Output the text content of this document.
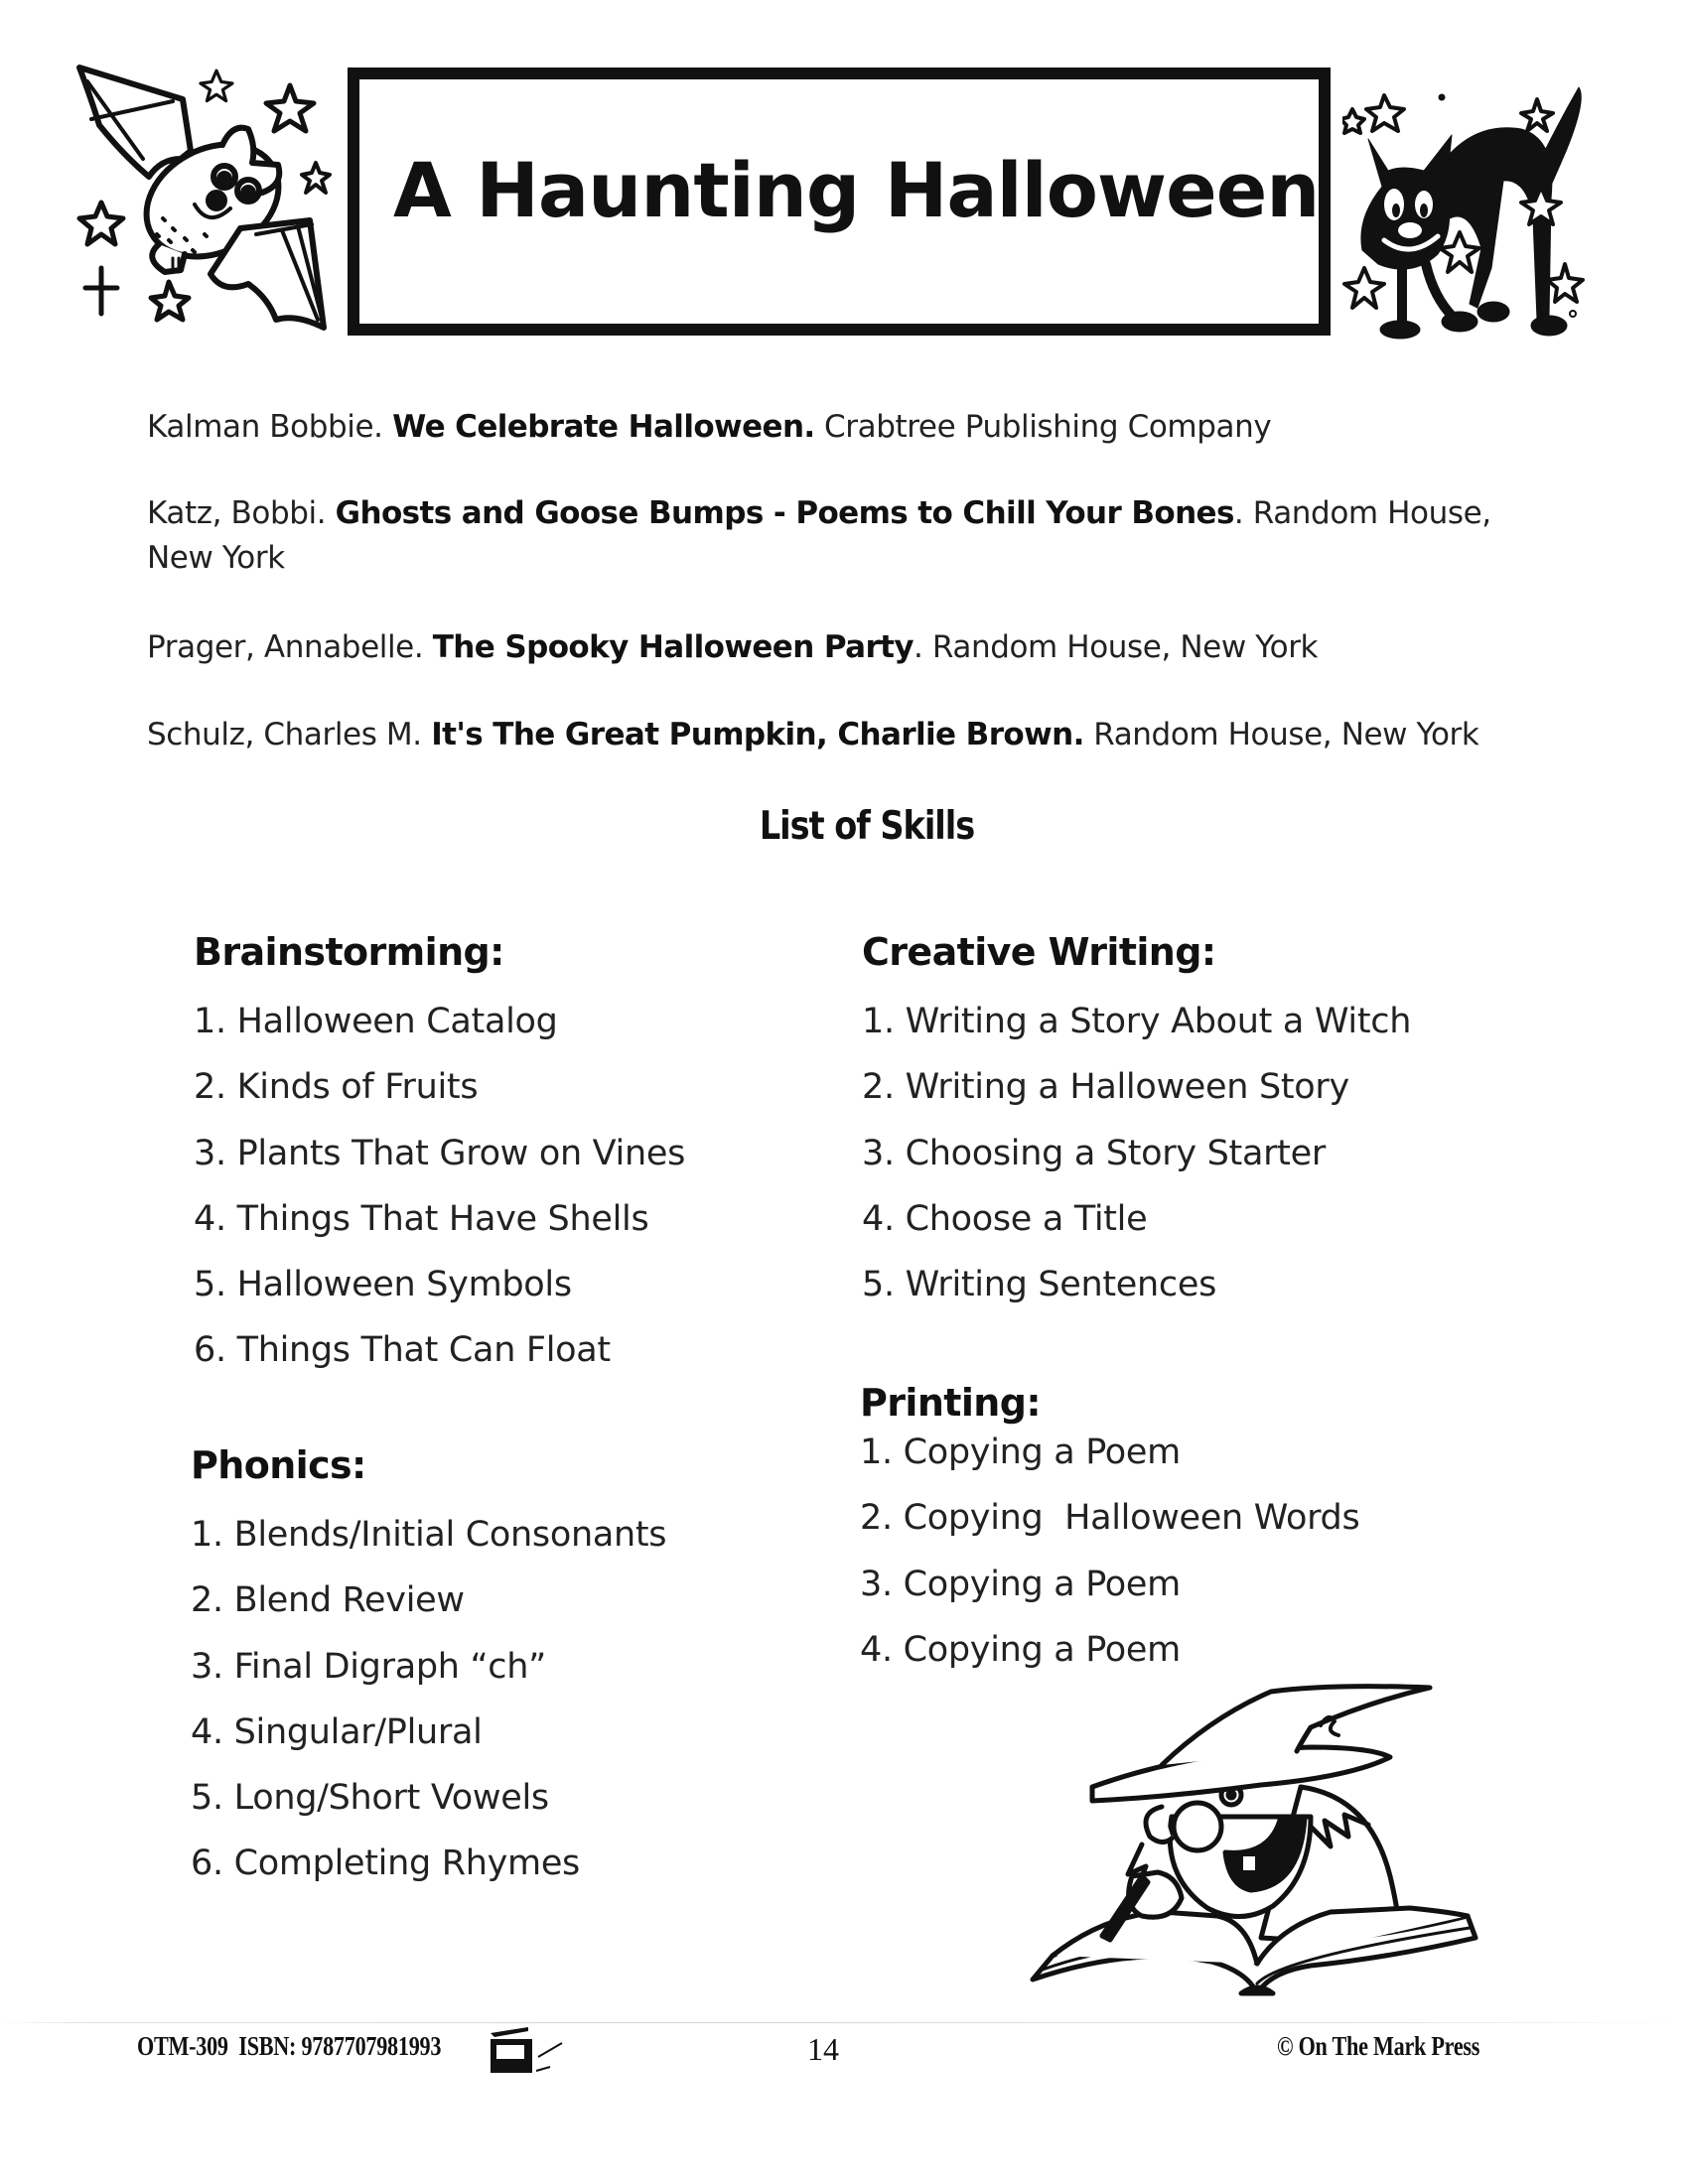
A Haunting Halloween
Kalman Bobbie. We Celebrate Halloween. Crabtree Publishing Company
Katz, Bobbi. Ghosts and Goose Bumps - Poems to Chill Your Bones. Random House, New York
Prager, Annabelle. The Spooky Halloween Party. Random House, New York
Schulz, Charles M. It's The Great Pumpkin, Charlie Brown. Random House, New York
List of Skills
Brainstorming:
1. Halloween Catalog
2. Kinds of Fruits
3. Plants That Grow on Vines
4. Things That Have Shells
5. Halloween Symbols
6. Things That Can Float
Phonics:
1. Blends/Initial Consonants
2. Blend Review
3. Final Digraph “ch”
4. Singular/Plural
5. Long/Short Vowels
6. Completing Rhymes
Creative Writing:
1. Writing a Story About a Witch
2. Writing a Halloween Story
3. Choosing a Story Starter
4. Choose a Title
5. Writing Sentences
Printing:
1. Copying a Poem
2. Copying  Halloween Words
3. Copying a Poem
4. Copying a Poem
OTM-309 ISBN: 9787707981993	14	© On The Mark Press
